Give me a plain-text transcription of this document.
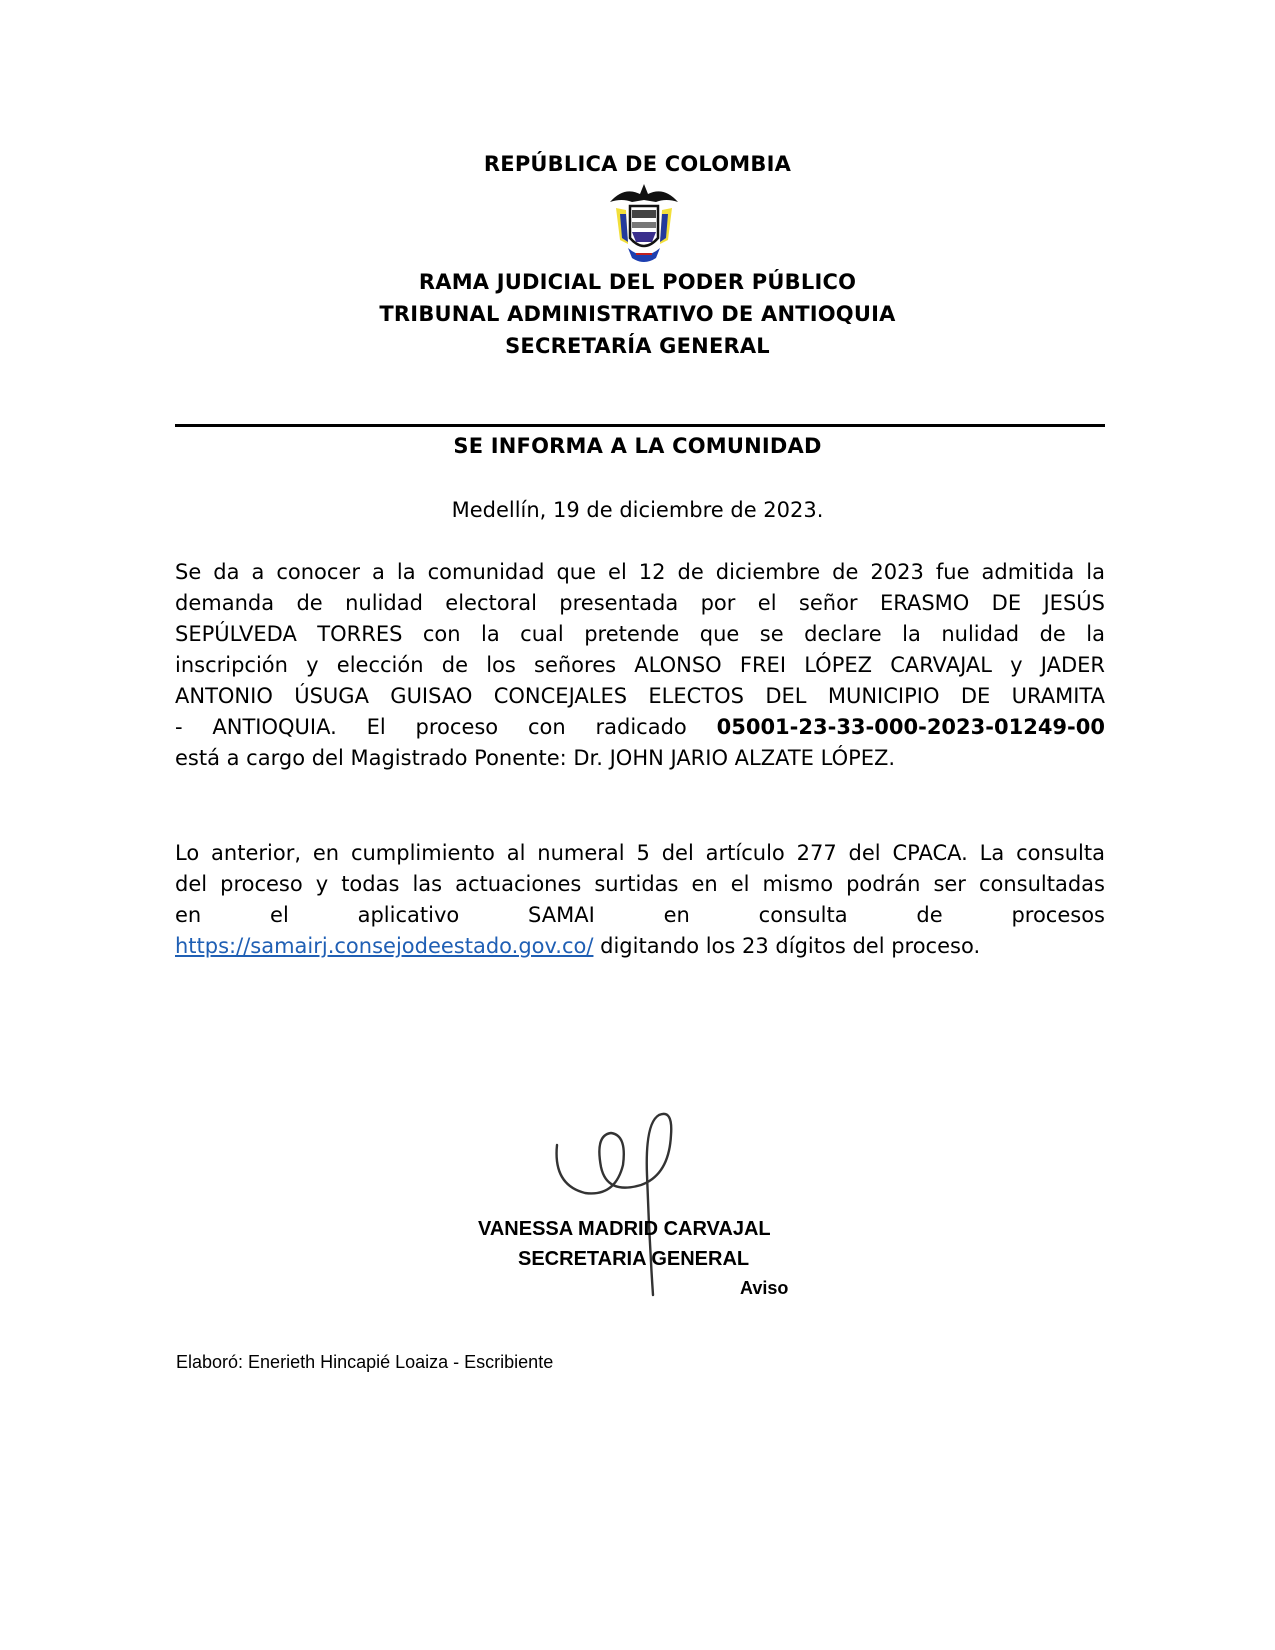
REPÚBLICA DE COLOMBIA
RAMA JUDICIAL DEL PODER PÚBLICO
TRIBUNAL ADMINISTRATIVO DE ANTIOQUIA
SECRETARÍA GENERAL
SE INFORMA A LA COMUNIDAD
Medellín, 19 de diciembre de 2023.
Se da a conocer a la comunidad que el 12 de diciembre de 2023 fue admitida la
demanda de nulidad electoral presentada por el señor ERASMO DE JESÚS
SEPÚLVEDA TORRES con la cual pretende que se declare la nulidad de la
inscripción y elección de los señores ALONSO FREI LÓPEZ CARVAJAL y JADER
ANTONIO ÚSUGA GUISAO CONCEJALES ELECTOS DEL MUNICIPIO DE URAMITA
- ANTIOQUIA. El proceso con radicado 05001-23-33-000-2023-01249-00
está a cargo del Magistrado Ponente: Dr. JOHN JARIO ALZATE LÓPEZ.
Lo anterior, en cumplimiento al numeral 5 del artículo 277 del CPACA. La consulta
del proceso y todas las actuaciones surtidas en el mismo podrán ser consultadas
en el aplicativo SAMAI en consulta de procesos
https://samairj.consejodeestado.gov.co/ digitando los 23 dígitos del proceso.
VANESSA MADRID CARVAJAL
SECRETARIA GENERAL
Aviso
Elaboró: Enerieth Hincapié Loaiza - Escribiente
